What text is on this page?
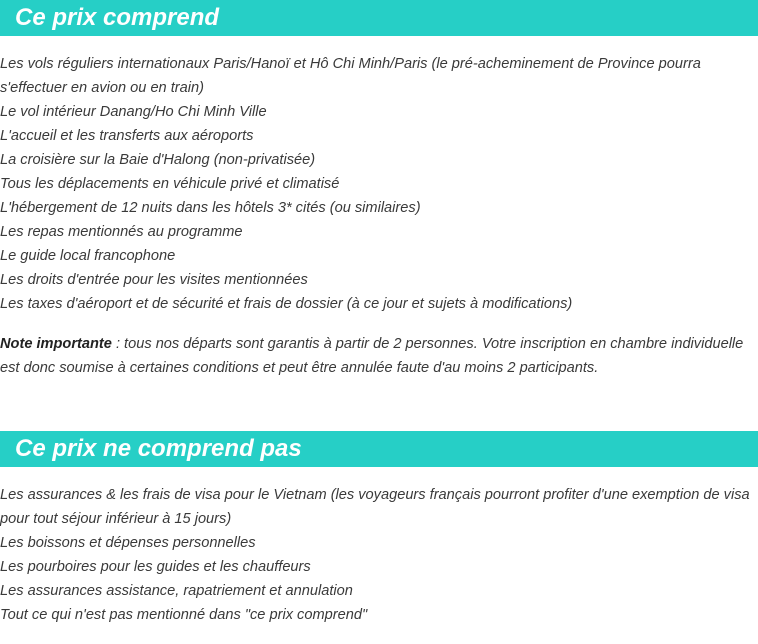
Ce prix comprend
Les vols réguliers internationaux Paris/Hanoï et Hô Chi Minh/Paris (le pré-acheminement de Province pourra s'effectuer en avion ou en train)
Le vol intérieur Danang/Ho Chi Minh Ville
L'accueil et les transferts aux aéroports
La croisière sur la Baie d'Halong (non-privatisée)
Tous les déplacements en véhicule privé et climatisé
L'hébergement de 12 nuits dans les hôtels 3* cités (ou similaires)
Les repas mentionnés au programme
Le guide local francophone
Les droits d'entrée pour les visites mentionnées
Les taxes d'aéroport et de sécurité et frais de dossier (à ce jour et sujets à modifications)
Note importante : tous nos départs sont garantis à partir de 2 personnes. Votre inscription en chambre individuelle est donc soumise à certaines conditions et peut être annulée faute d'au moins 2 participants.
Ce prix ne comprend pas
Les assurances & les frais de visa pour le Vietnam (les voyageurs français pourront profiter d'une exemption de visa pour tout séjour inférieur à 15 jours)
Les boissons et dépenses personnelles
Les pourboires pour les guides et les chauffeurs
Les assurances assistance, rapatriement et annulation
Tout ce qui n'est pas mentionné dans "ce prix comprend"
